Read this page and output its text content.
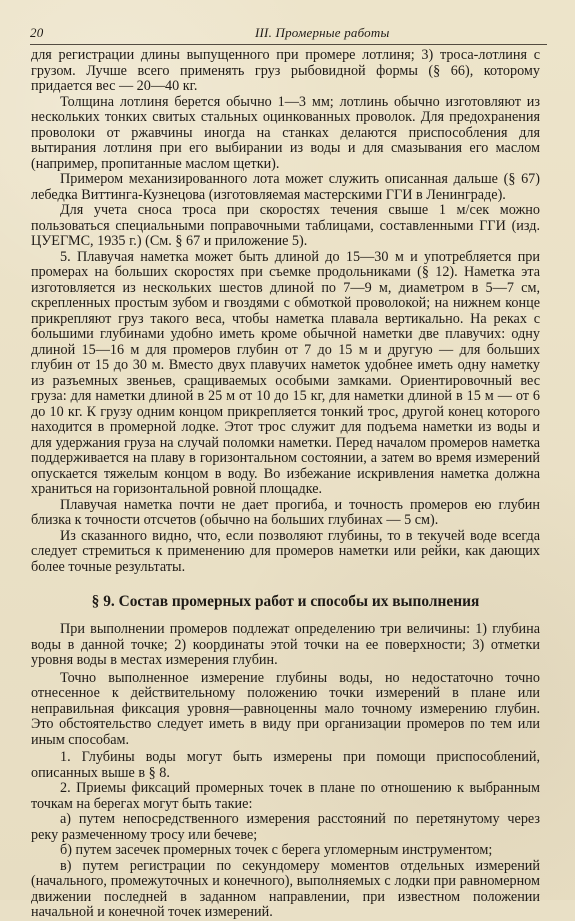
20	III. Промерные работы

для регистрации длины выпущенного при промере лотлиня; 3) троса-лотлиня с грузом. Лучше всего применять груз рыбовидной формы (§ 66), которому придается вес — 20—40 кг.

Толщина лотлиня берется обычно 1—3 мм; лотлинь обычно изготовляют из нескольких тонких свитых стальных оцинкованных проволок. Для предохранения проволоки от ржавчины иногда на станках делаются приспособления для вытирания лотлиня при его выбирании из воды и для смазывания его маслом (например, пропитанные маслом щетки).

Примером механизированного лота может служить описанная дальше (§ 67) лебедка Виттинга-Кузнецова (изготовляемая мастерскими ГГИ в Ленинграде).

Для учета сноса троса при скоростях течения свыше 1 м/сек можно пользоваться специальными поправочными таблицами, составленными ГГИ (изд. ЦУЕГМС, 1935 г.) (См. § 67 и приложение 5).

5. Плавучая наметка может быть длиной до 15—30 м и употребляется при промерах на больших скоростях при съемке продольниками (§ 12). Наметка эта изготовляется из нескольких шестов длиной по 7—9 м, диаметром в 5—7 см, скрепленных простым зубом и гвоздями с обмоткой проволокой; на нижнем конце прикрепляют груз такого веса, чтобы наметка плавала вертикально. На реках с большими глубинами удобно иметь кроме обычной наметки две плавучих: одну длиной 15—16 м для промеров глубин от 7 до 15 м и другую — для больших глубин от 15 до 30 м. Вместо двух плавучих наметок удобнее иметь одну наметку из разъемных звеньев, сращиваемых особыми замками. Ориентировочный вес груза: для наметки длиной в 25 м от 10 до 15 кг, для наметки длиной в 15 м — от 6 до 10 кг. К грузу одним концом прикрепляется тонкий трос, другой конец которого находится в промерной лодке. Этот трос служит для подъема наметки из воды и для удержания груза на случай поломки наметки. Перед началом промеров наметка поддерживается на плаву в горизонтальном состоянии, а затем во время измерений опускается тяжелым концом в воду. Во избежание искривления наметка должна храниться на горизонтальной ровной площадке.

Плавучая наметка почти не дает прогиба, и точность промеров ею глубин близка к точности отсчетов (обычно на больших глубинах — 5 см).

Из сказанного видно, что, если позволяют глубины, то в текучей воде всегда следует стремиться к применению для промеров наметки или рейки, как дающих более точные результаты.

§ 9. Состав промерных работ и способы их выполнения

При выполнении промеров подлежат определению три величины: 1) глубина воды в данной точке; 2) координаты этой точки на ее поверхности; 3) отметки уровня воды в местах измерения глубин.

Точно выполненное измерение глубины воды, но недостаточно точно отнесенное к действительному положению точки измерений в плане или неправильная фиксация уровня—равноценны мало точному измерению глубин. Это обстоятельство следует иметь в виду при организации промеров по тем или иным способам.

1. Глубины воды могут быть измерены при помощи приспособлений, описанных выше в § 8.

2. Приемы фиксаций промерных точек в плане по отношению к выбранным точкам на берегах могут быть такие:

а) путем непосредственного измерения расстояний по перетянутому через реку размеченному тросу или бечеве;

б) путем засечек промерных точек с берега угломерным инструментом;

в) путем регистрации по секундомеру моментов отдельных измерений (начального, промежуточных и конечного), выполняемых с лодки при равномерном движении последней в заданном направлении, при известном положении начальной и конечной точек измерений.
